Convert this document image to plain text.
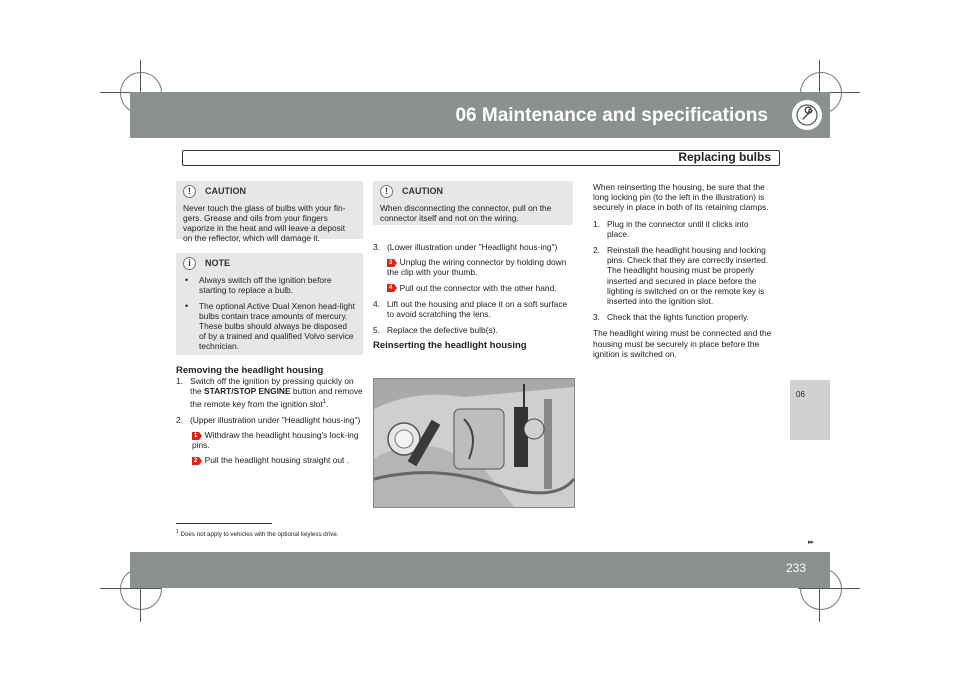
06 Maintenance and specifications
Replacing bulbs
!	CAUTION

Never touch the glass of bulbs with your fin-gers. Grease and oils from your fingers vaporize in the heat and will leave a deposit on the reflector, which will damage it.

i	NOTE
• Always switch off the ignition before starting to replace a bulb.
• The optional Active Dual Xenon head-light bulbs contain trace amounts of mercury. These bulbs should always be disposed of by a trained and qualified Volvo service technician.
Removing the headlight housing
1. Switch off the ignition by pressing quickly on the START/STOP ENGINE button and remove the remote key from the ignition slot$^1$.
2. (Upper illustration under "Headlight hous-ing")
1 Withdraw the headlight housing's lock-ing pins.
2 Pull the headlight housing straight out .
!	CAUTION

When disconnecting the connector, pull on the connector itself and not on the wiring.

3. (Lower illustration under "Headlight hous-ing")
3 Unplug the wiring connector by holding down the clip with your thumb.
4 Pull out the connector with the other hand.
4. Lift out the housing and place it on a soft surface to avoid scratching the lens.
5. Replace the defective bulb(s).
Reinserting the headlight housing
When reinserting the housing, be sure that the long locking pin (to the left in the illustration) is securely in place in both of its retaining clamps.
1. Plug in the connector until it clicks into place.
2. Reinstall the headlight housing and locking pins. Check that they are correctly inserted. The headlight housing must be properly inserted and secured in place before the lighting is switched on or the remote key is inserted into the ignition slot.
3. Check that the lights function properly.
The headlight wiring must be connected and the housing must be securely in place before the ignition is switched on.
06
$^1$ Does not apply to vehicles with the optional keyless drive.
▸▸
233
